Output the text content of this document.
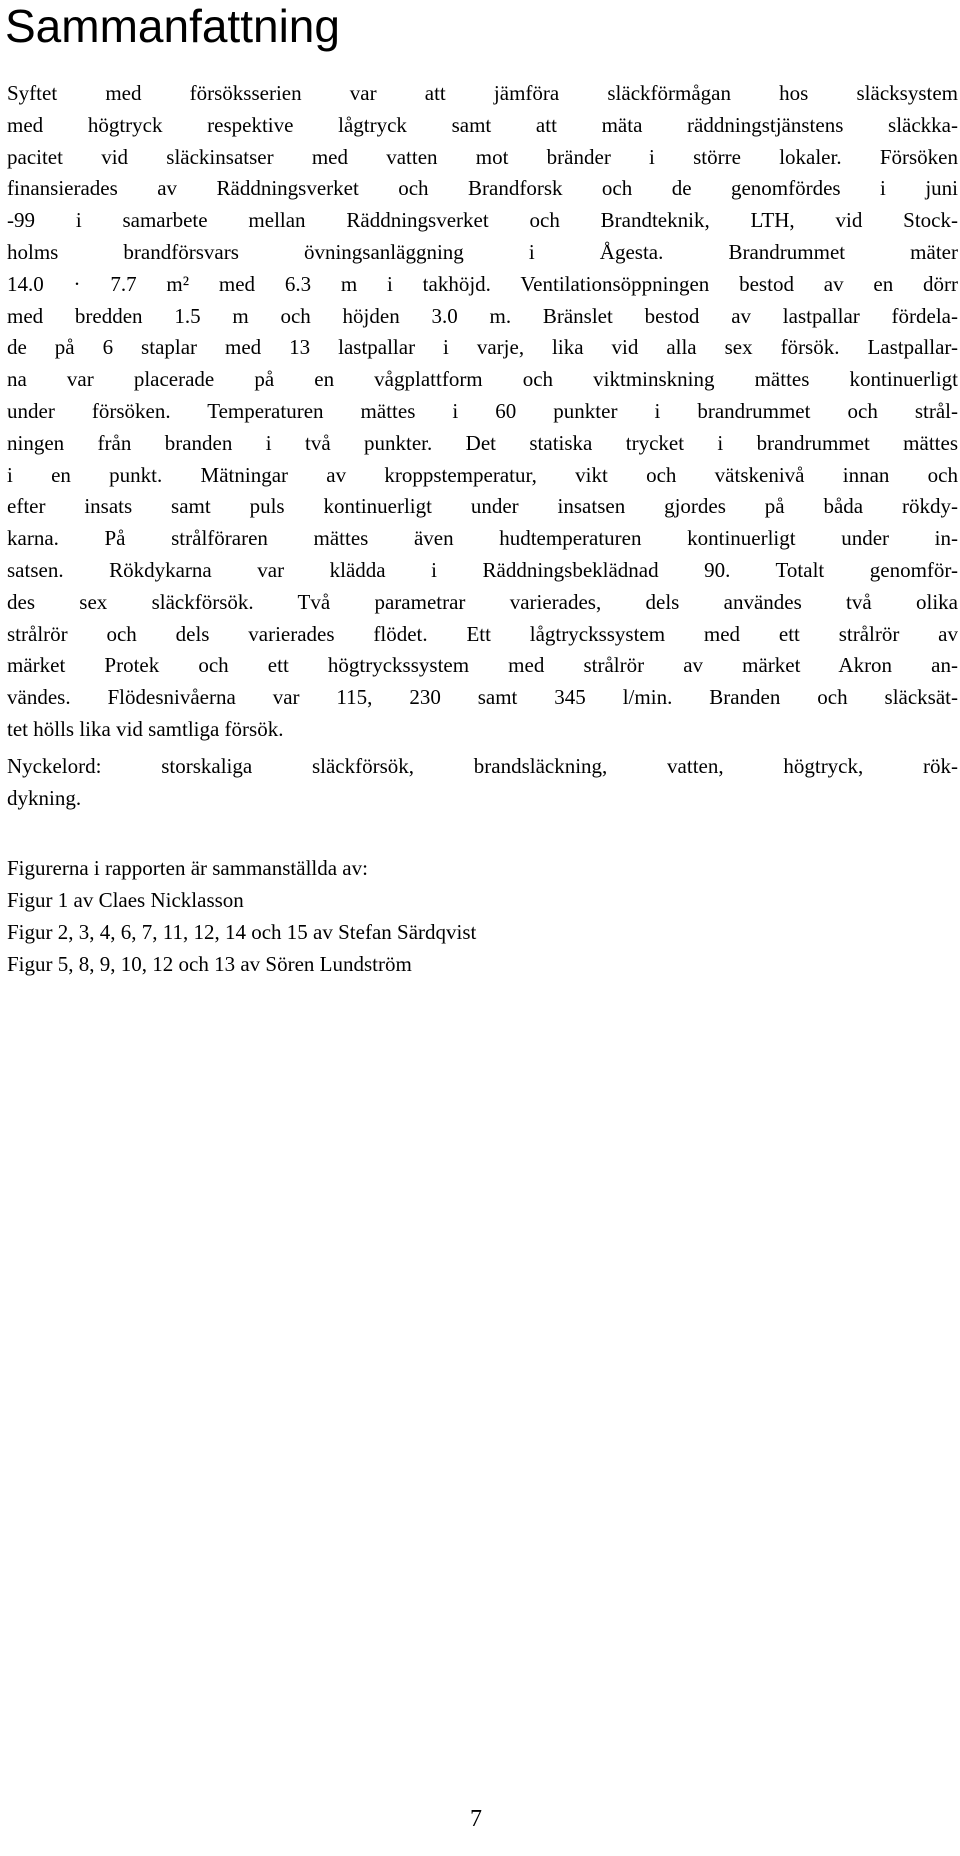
Sammanfattning
Syftet med försöksserien var att jämföra släckförmågan hos släcksystem
med högtryck respektive lågtryck samt att mäta räddningstjänstens släckka-
pacitet vid släckinsatser med vatten mot bränder i större lokaler. Försöken
finansierades av Räddningsverket och Brandforsk och de genomfördes i juni
-99 i samarbete mellan Räddningsverket och Brandteknik, LTH, vid Stock-
holms brandförsvars övningsanläggning i Ågesta. Brandrummet mäter
14.0 · 7.7 m² med 6.3 m i takhöjd. Ventilationsöppningen bestod av en dörr
med bredden 1.5 m och höjden 3.0 m. Bränslet bestod av lastpallar fördela-
de på 6 staplar med 13 lastpallar i varje, lika vid alla sex försök. Lastpallar-
na var placerade på en vågplattform och viktminskning mättes kontinuerligt
under försöken. Temperaturen mättes i 60 punkter i brandrummet och strål-
ningen från branden i två punkter. Det statiska trycket i brandrummet mättes
i en punkt. Mätningar av kroppstemperatur, vikt och vätskenivå innan och
efter insats samt puls kontinuerligt under insatsen gjordes på båda rökdy-
karna. På strålföraren mättes även hudtemperaturen kontinuerligt under in-
satsen. Rökdykarna var klädda i Räddningsbeklädnad 90. Totalt genomför-
des sex släckförsök. Två parametrar varierades, dels användes två olika
strålrör och dels varierades flödet. Ett lågtryckssystem med ett strålrör av
märket Protek och ett högtryckssystem med strålrör av märket Akron an-
vändes. Flödesnivåerna var 115, 230 samt 345 l/min. Branden och släcksät-
tet hölls lika vid samtliga försök.
Nyckelord: storskaliga släckförsök, brandsläckning, vatten, högtryck, rök-
dykning.
Figurerna i rapporten är sammanställda av:
Figur 1 av Claes Nicklasson
Figur 2, 3, 4, 6, 7, 11, 12, 14 och 15 av Stefan Särdqvist
Figur 5, 8, 9, 10, 12 och 13 av Sören Lundström
7
